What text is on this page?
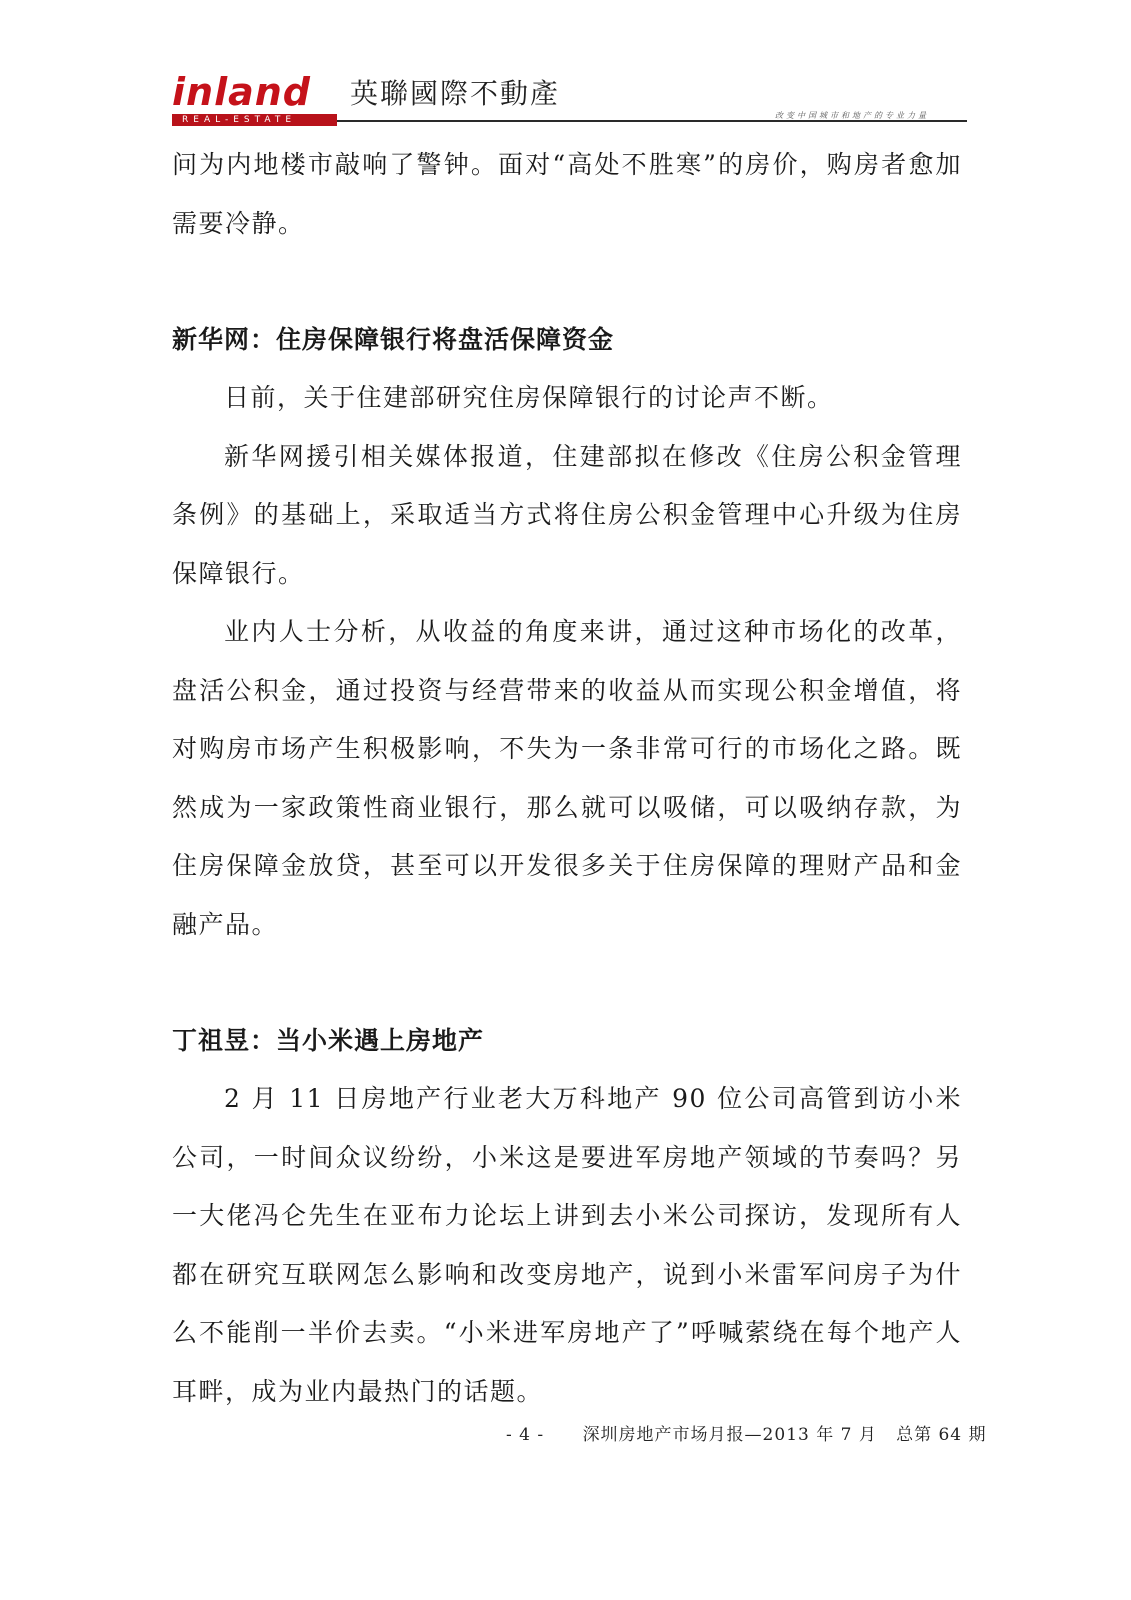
inland 英聯國際不動產
REAL-ESTATE	改变中国城市和地产的专业力量

问为内地楼市敲响了警钟。面对“高处不胜寒”的房价，购房者愈加需要冷静。

新华网：住房保障银行将盘活保障资金

日前，关于住建部研究住房保障银行的讨论声不断。

新华网援引相关媒体报道，住建部拟在修改《住房公积金管理条例》的基础上，采取适当方式将住房公积金管理中心升级为住房保障银行。

业内人士分析，从收益的角度来讲，通过这种市场化的改革，盘活公积金，通过投资与经营带来的收益从而实现公积金增值，将对购房市场产生积极影响，不失为一条非常可行的市场化之路。既然成为一家政策性商业银行，那么就可以吸储，可以吸纳存款，为住房保障金放贷，甚至可以开发很多关于住房保障的理财产品和金融产品。

丁祖昱：当小米遇上房地产

2 月 11 日房地产行业老大万科地产 90 位公司高管到访小米公司，一时间众议纷纷，小米这是要进军房地产领域的节奏吗？另一大佬冯仑先生在亚布力论坛上讲到去小米公司探访，发现所有人都在研究互联网怎么影响和改变房地产，说到小米雷军问房子为什么不能削一半价去卖。“小米进军房地产了”呼喊萦绕在每个地产人耳畔，成为业内最热门的话题。

- 4 - 深圳房地产市场月报—2013 年 7 月 总第 64 期
